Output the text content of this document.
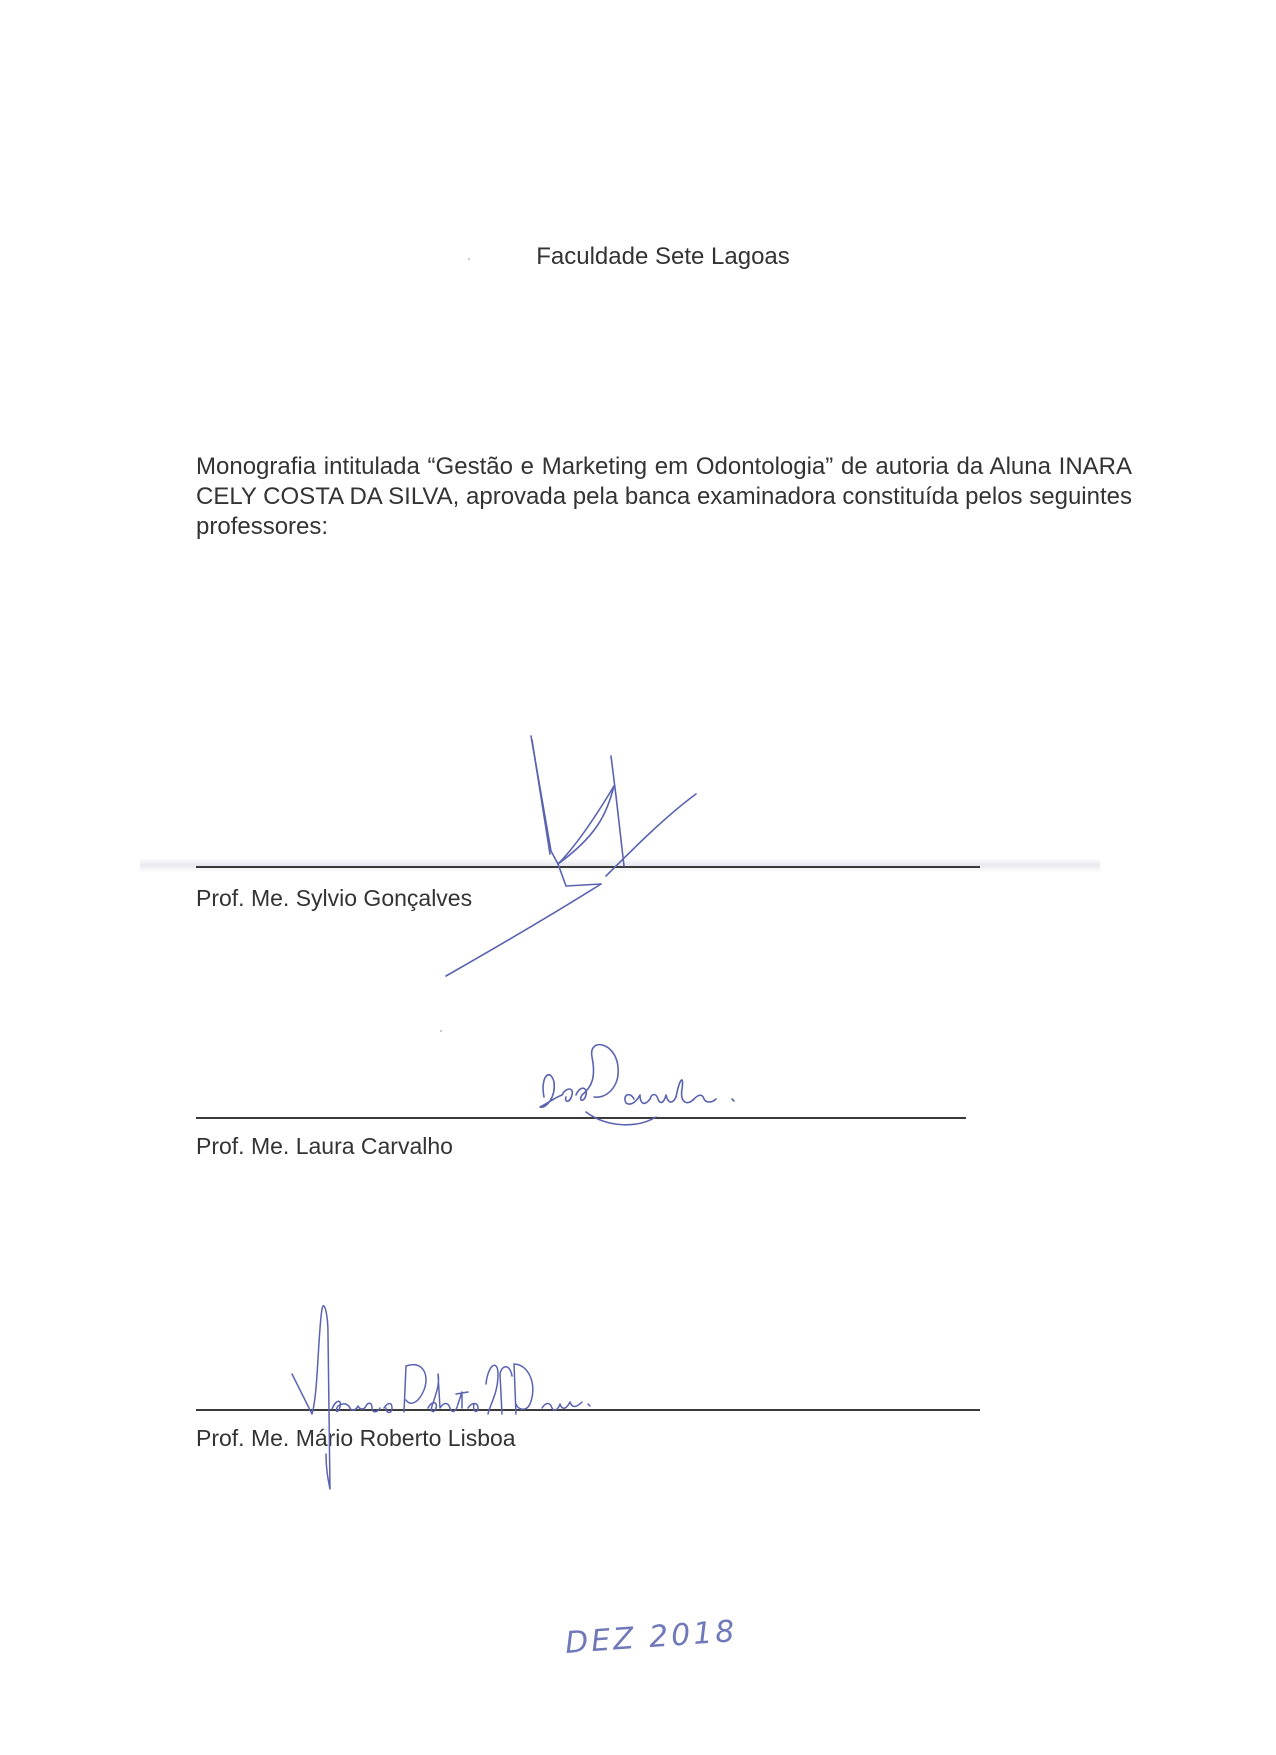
Faculdade Sete Lagoas
Monografia intitulada “Gestão e Marketing em Odontologia” de autoria da Aluna INARA CELY COSTA DA SILVA, aprovada pela banca examinadora constituída pelos seguintes professores:
Prof. Me. Sylvio Gonçalves
Prof. Me. Laura Carvalho
Prof. Me. Mário Roberto Lisboa
DEZ 2018
